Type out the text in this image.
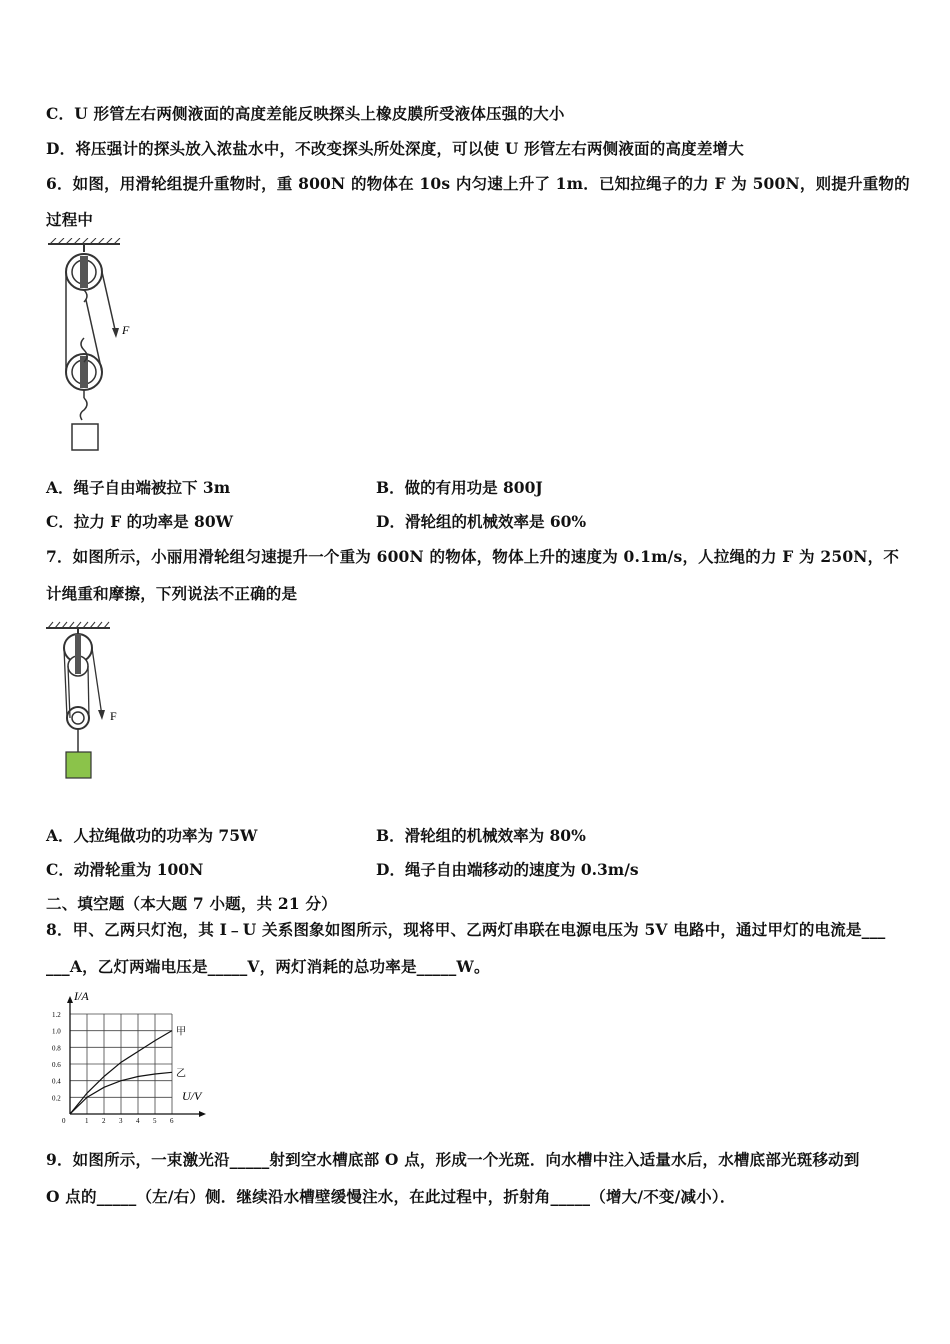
C．U 形管左右两侧液面的高度差能反映探头上橡皮膜所受液体压强的大小
D．将压强计的探头放入浓盐水中，不改变探头所处深度，可以使 U 形管左右两侧液面的高度差增大
6．如图，用滑轮组提升重物时，重 800N 的物体在 10s 内匀速上升了 1m．已知拉绳子的力 F 为 500N，则提升重物的
过程中
F
A．绳子自由端被拉下 3m	B．做的有用功是 800J
C．拉力 F 的功率是 80W	D．滑轮组的机械效率是 60%
7．如图所示，小丽用滑轮组匀速提升一个重为 600N 的物体，物体上升的速度为 0.1m/s，人拉绳的力 F 为 250N，不
计绳重和摩擦，下列说法不正确的是
F
A．人拉绳做功的功率为 75W	B．滑轮组的机械效率为 80%
C．动滑轮重为 100N	D．绳子自由端移动的速度为 0.3m/s
二、填空题（本大题 7 小题，共 21 分）
8．甲、乙两只灯泡，其 I﹣U 关系图象如图所示，现将甲、乙两灯串联在电源电压为 5V 电路中，通过甲灯的电流是___
___A，乙灯两端电压是_____V，两灯消耗的总功率是_____W。
0	1 2 3 4 5 6
0.2
0.4
0.6
0.8
1.0
1.2
I/A
U/V
甲
乙
9．如图所示，一束激光沿_____射到空水槽底部 O 点，形成一个光斑．向水槽中注入适量水后，水槽底部光斑移动到
O 点的_____（左/右）侧．继续沿水槽壁缓慢注水，在此过程中，折射角_____（增大/不变/减小）．
